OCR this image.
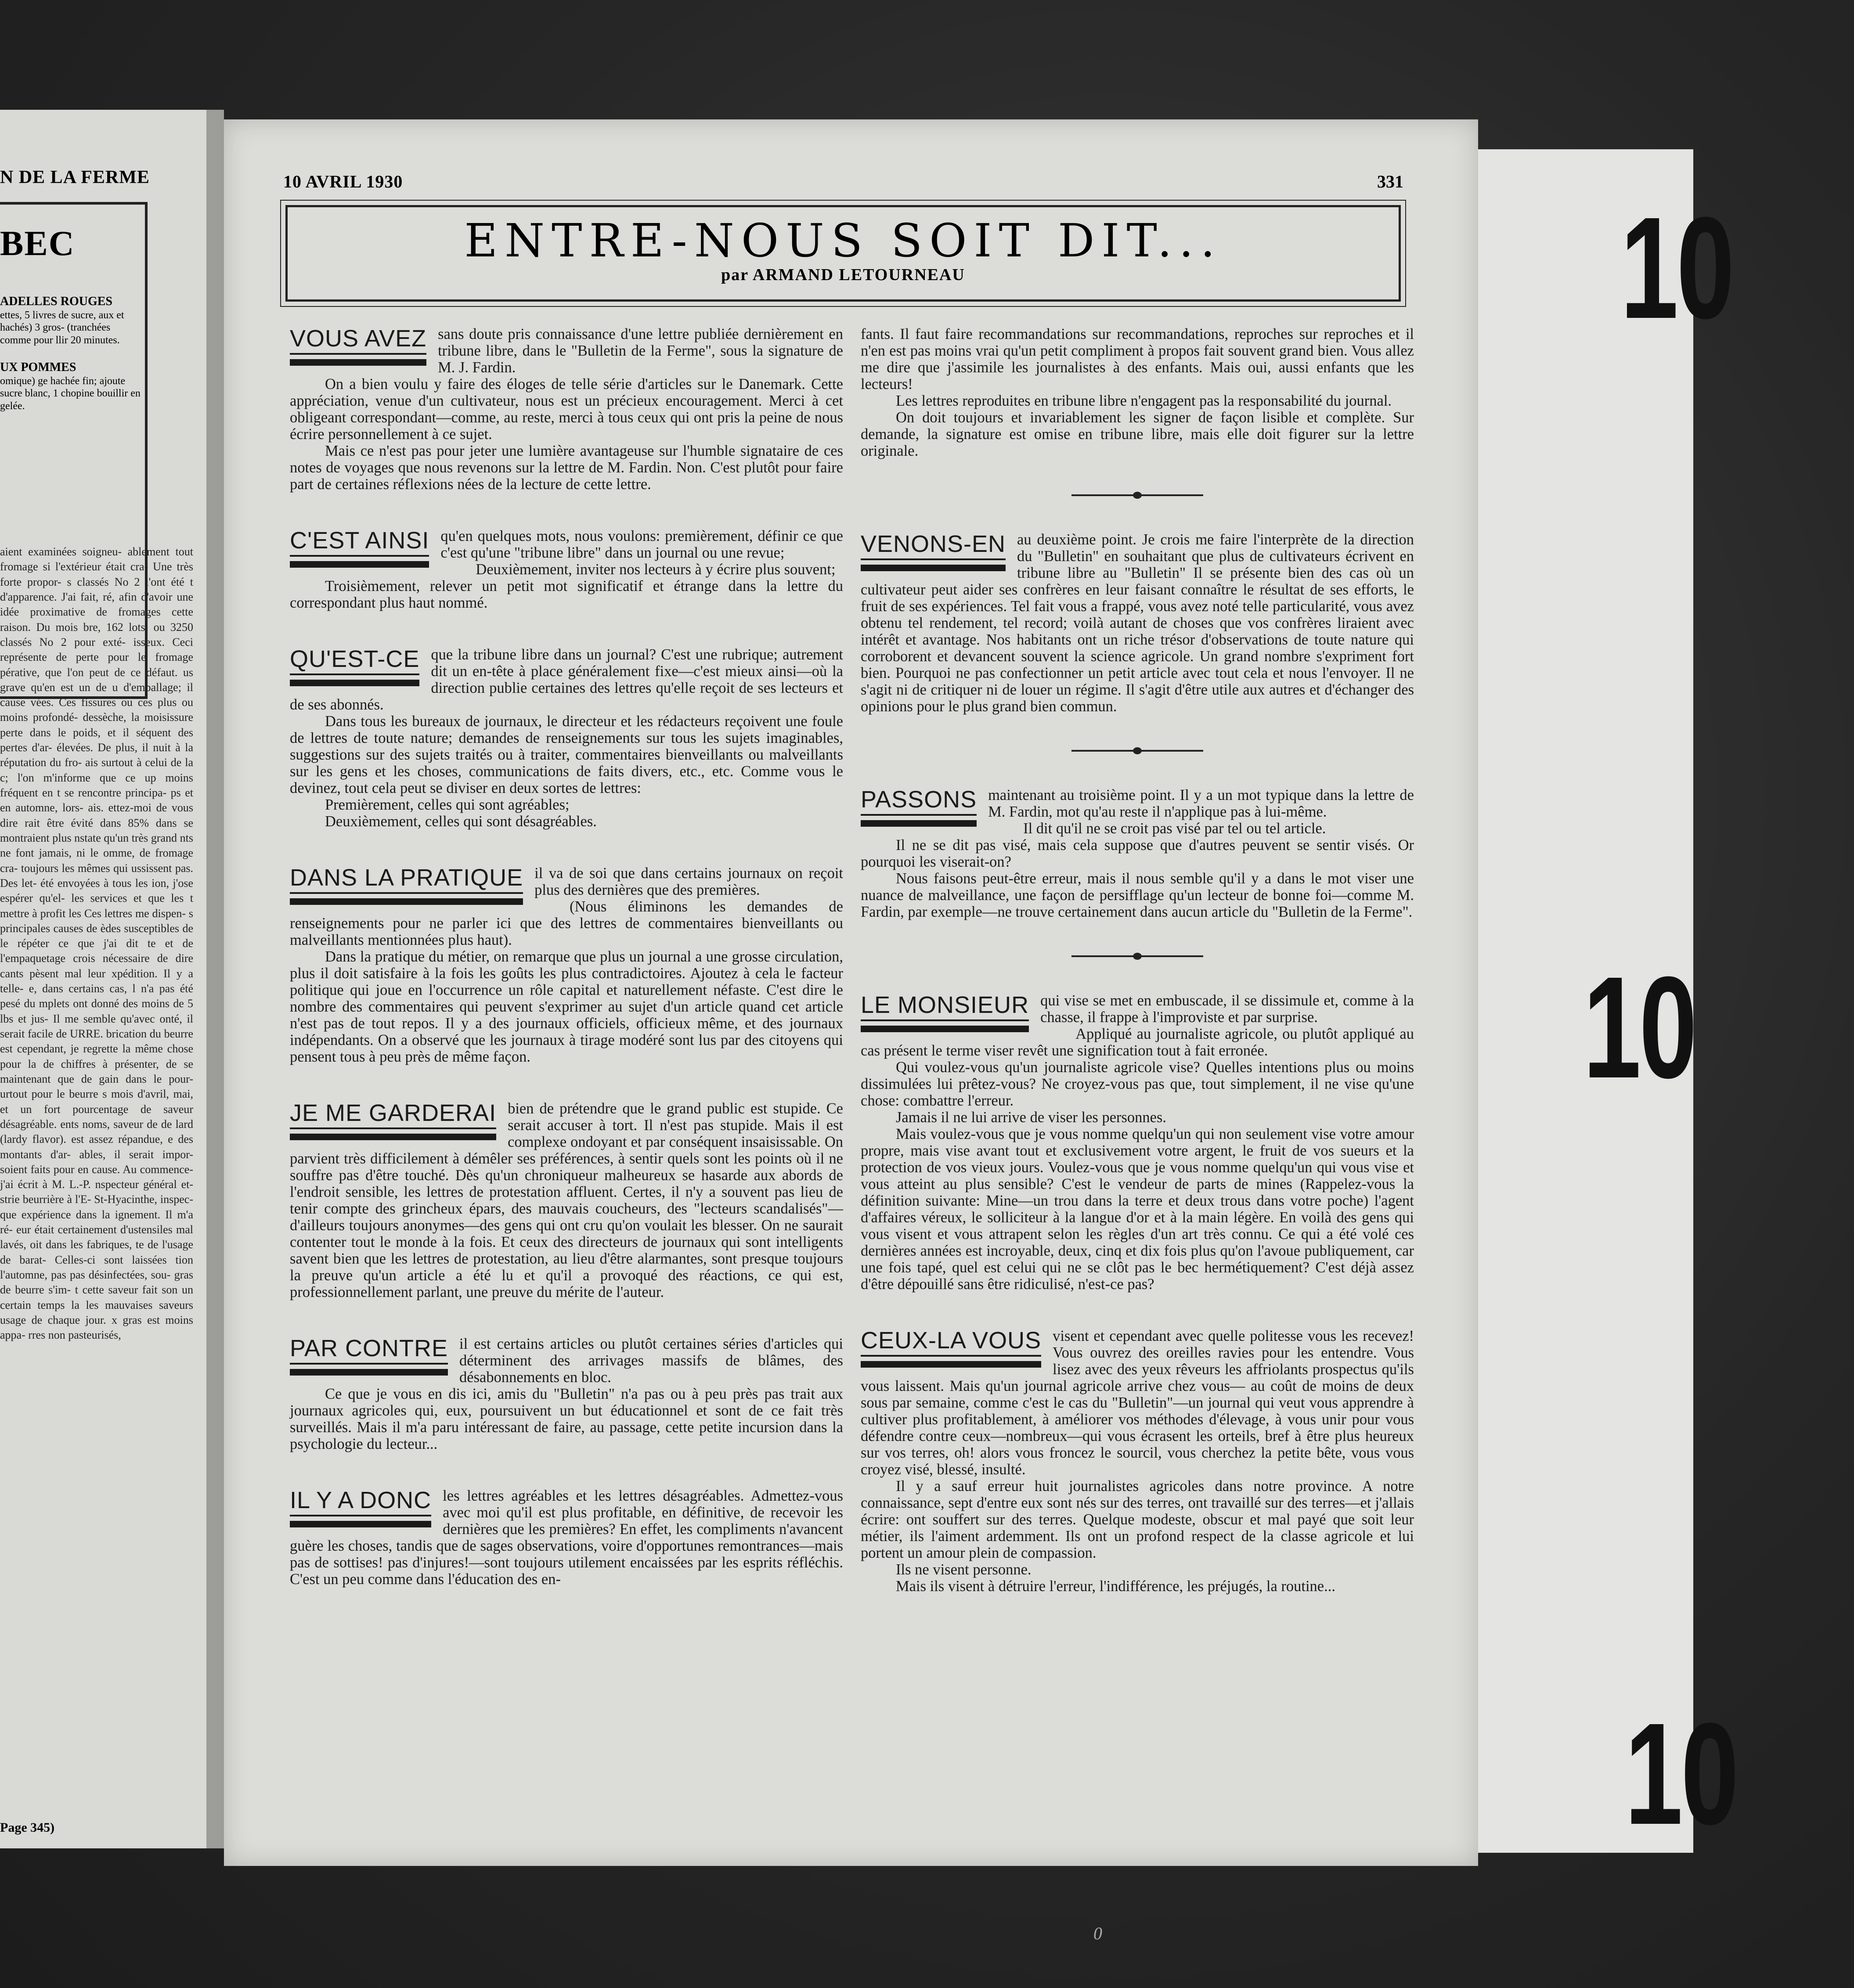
N DE LA FERME
BEC
ADELLES ROUGES
ettes, 5 livres de sucre, aux et hachés) 3 gros- (tranchées comme pour llir 20 minutes.
UX POMMES
omique) ge hachée fin; ajoute sucre blanc, 1 chopine bouillir en gelée.
aient examinées soigneu- ablement tout fromage si l'extérieur était cra- Une très forte propor- s classés No 2 l'ont été t d'apparence. J'ai fait, ré, afin d'avoir une idée proximative de fromages cette raison. Du mois bre, 162 lots, ou 3250 classés No 2 pour exté- isseux. Ceci représente de perte pour le fromage pérative, que l'on peut de ce défaut. us grave qu'en est un de u d'emballage; il cause vées. Ces fissures ou ces plus ou moins profondé- dessèche, la moisissure perte dans le poids, et il séquent des pertes d'ar- élevées. De plus, il nuit à la réputation du fro- ais surtout à celui de la c; l'on m'informe que ce up moins fréquent en t se rencontre principa- ps et en automne, lors- ais. ettez-moi de vous dire rait être évité dans 85% dans se montraient plus nstate qu'un très grand nts ne font jamais, ni le omme, de fromage cra- toujours les mêmes qui ussissent pas. Des let- été envoyées à tous les ion, j'ose espérer qu'el- les services et que les t mettre à profit les Ces lettres me dispen- s principales causes de èdes susceptibles de le répéter ce que j'ai dit te et de l'empaquetage crois nécessaire de dire cants pèsent mal leur xpédition. Il y a telle- e, dans certains cas, l n'a pas été pesé du mplets ont donné des moins de 5 lbs et jus- Il me semble qu'avec onté, il serait facile de URRE. brication du beurre est cependant, je regrette la même chose pour la de chiffres à présenter, de se maintenant que de gain dans le pour- urtout pour le beurre s mois d'avril, mai, et un fort pourcentage de saveur désagréable. ents noms, saveur de de lard (lardy flavor). est assez répandue, e des montants d'ar- ables, il serait impor- soient faits pour en cause. Au commence- j'ai écrit à M. L.-P. nspecteur général et- strie beurrière à l'E- St-Hyacinthe, inspec- que expérience dans la ignement. Il m'a ré- eur était certainement d'ustensiles mal lavés, oit dans les fabriques, te de l'usage de barat- Celles-ci sont laissées tion l'automne, pas pas désinfectées, sou- gras de beurre s'im- t cette saveur fait son un certain temps la les mauvaises saveurs usage de chaque jour. x gras est moins appa- rres non pasteurisés,
Page 345)
10 AVRIL 1930	331
ENTRE-NOUS SOIT DIT...
par ARMAND LETOURNEAU
VOUS AVEZ sans doute pris connaissance d'une lettre publiée dernièrement en tribune libre, dans le "Bulletin de la Ferme", sous la signature de M. J. Fardin.

On a bien voulu y faire des éloges de telle série d'articles sur le Danemark. Cette appréciation, venue d'un cultivateur, nous est un précieux encouragement. Merci à cet obligeant correspondant—comme, au reste, merci à tous ceux qui ont pris la peine de nous écrire personnellement à ce sujet.

Mais ce n'est pas pour jeter une lumière avantageuse sur l'humble signataire de ces notes de voyages que nous revenons sur la lettre de M. Fardin. Non. C'est plutôt pour faire part de certaines réflexions nées de la lecture de cette lettre.

C'EST AINSI qu'en quelques mots, nous voulons: premièrement, définir ce que c'est qu'une "tribune libre" dans un journal ou une revue;

Deuxièmement, inviter nos lecteurs à y écrire plus souvent;

Troisièmement, relever un petit mot significatif et étrange dans la lettre du correspondant plus haut nommé.

QU'EST-CE que la tribune libre dans un journal? C'est une rubrique; autrement dit un en-tête à place généralement fixe—c'est mieux ainsi—où la direction publie certaines des lettres qu'elle reçoit de ses lecteurs et de ses abonnés.

Dans tous les bureaux de journaux, le directeur et les rédacteurs reçoivent une foule de lettres de toute nature; demandes de renseignements sur tous les sujets imaginables, suggestions sur des sujets traités ou à traiter, commentaires bienveillants ou malveillants sur les gens et les choses, communications de faits divers, etc., etc. Comme vous le devinez, tout cela peut se diviser en deux sortes de lettres:

Premièrement, celles qui sont agréables;

Deuxièmement, celles qui sont désagréables.

DANS LA PRATIQUE il va de soi que dans certains journaux on reçoit plus des dernières que des premières.

(Nous éliminons les demandes de renseignements pour ne parler ici que des lettres de commentaires bienveillants ou malveillants mentionnées plus haut).

Dans la pratique du métier, on remarque que plus un journal a une grosse circulation, plus il doit satisfaire à la fois les goûts les plus contradictoires. Ajoutez à cela le facteur politique qui joue en l'occurrence un rôle capital et naturellement néfaste. C'est dire le nombre des commentaires qui peuvent s'exprimer au sujet d'un article quand cet article n'est pas de tout repos. Il y a des journaux officiels, officieux même, et des journaux indépendants. On a observé que les journaux à tirage modéré sont lus par des citoyens qui pensent tous à peu près de même façon.

JE ME GARDERAI bien de prétendre que le grand public est stupide. Ce serait accuser à tort. Il n'est pas stupide. Mais il est complexe ondoyant et par conséquent insaisissable. On parvient très difficilement à démêler ses préférences, à sentir quels sont les points où il ne souffre pas d'être touché. Dès qu'un chroniqueur malheureux se hasarde aux abords de l'endroit sensible, les lettres de protestation affluent. Certes, il n'y a souvent pas lieu de tenir compte des grincheux épars, des mauvais coucheurs, des "lecteurs scandalisés"—d'ailleurs toujours anonymes—des gens qui ont cru qu'on voulait les blesser. On ne saurait contenter tout le monde à la fois. Et ceux des directeurs de journaux qui sont intelligents savent bien que les lettres de protestation, au lieu d'être alarmantes, sont presque toujours la preuve qu'un article a été lu et qu'il a provoqué des réactions, ce qui est, professionnellement parlant, une preuve du mérite de l'auteur.

PAR CONTRE il est certains articles ou plutôt certaines séries d'articles qui déterminent des arrivages massifs de blâmes, des désabonnements en bloc.

Ce que je vous en dis ici, amis du "Bulletin" n'a pas ou à peu près pas trait aux journaux agricoles qui, eux, poursuivent un but éducationnel et sont de ce fait très surveillés. Mais il m'a paru intéressant de faire, au passage, cette petite incursion dans la psychologie du lecteur...

IL Y A DONC les lettres agréables et les lettres désagréables. Admettez-vous avec moi qu'il est plus profitable, en définitive, de recevoir les dernières que les premières? En effet, les compliments n'avancent guère les choses, tandis que de sages observations, voire d'opportunes remontrances—mais pas de sottises! pas d'injures!—sont toujours utilement encaissées par les esprits réfléchis. C'est un peu comme dans l'éducation des en-

fants. Il faut faire recommandations sur recommandations, reproches sur reproches et il n'en est pas moins vrai qu'un petit compliment à propos fait souvent grand bien. Vous allez me dire que j'assimile les journalistes à des enfants. Mais oui, aussi enfants que les lecteurs!

Les lettres reproduites en tribune libre n'engagent pas la responsabilité du journal.

On doit toujours et invariablement les signer de façon lisible et complète. Sur demande, la signature est omise en tribune libre, mais elle doit figurer sur la lettre originale.

VENONS-EN au deuxième point. Je crois me faire l'interprète de la direction du "Bulletin" en souhaitant que plus de cultivateurs écrivent en tribune libre au "Bulletin" Il se présente bien des cas où un cultivateur peut aider ses confrères en leur faisant connaître le résultat de ses efforts, le fruit de ses expériences. Tel fait vous a frappé, vous avez noté telle particularité, vous avez obtenu tel rendement, tel record; voilà autant de choses que vos confrères liraient avec intérêt et avantage. Nos habitants ont un riche trésor d'observations de toute nature qui corroborent et devancent souvent la science agricole. Un grand nombre s'expriment fort bien. Pourquoi ne pas confectionner un petit article avec tout cela et nous l'envoyer. Il ne s'agit ni de critiquer ni de louer un régime. Il s'agit d'être utile aux autres et d'échanger des opinions pour le plus grand bien commun.

PASSONS maintenant au troisième point. Il y a un mot typique dans la lettre de M. Fardin, mot qu'au reste il n'applique pas à lui-même.

Il dit qu'il ne se croit pas visé par tel ou tel article.

Il ne se dit pas visé, mais cela suppose que d'autres peuvent se sentir visés. Or pourquoi les viserait-on?

Nous faisons peut-être erreur, mais il nous semble qu'il y a dans le mot viser une nuance de malveillance, une façon de persifflage qu'un lecteur de bonne foi—comme M. Fardin, par exemple—ne trouve certainement dans aucun article du "Bulletin de la Ferme".

LE MONSIEUR qui vise se met en embuscade, il se dissimule et, comme à la chasse, il frappe à l'improviste et par surprise.

Appliqué au journaliste agricole, ou plutôt appliqué au cas présent le terme viser revêt une signification tout à fait erronée.

Qui voulez-vous qu'un journaliste agricole vise? Quelles intentions plus ou moins dissimulées lui prêtez-vous? Ne croyez-vous pas que, tout simplement, il ne vise qu'une chose: combattre l'erreur.

Jamais il ne lui arrive de viser les personnes.

Mais voulez-vous que je vous nomme quelqu'un qui non seulement vise votre amour propre, mais vise avant tout et exclusivement votre argent, le fruit de vos sueurs et la protection de vos vieux jours. Voulez-vous que je vous nomme quelqu'un qui vous vise et vous atteint au plus sensible? C'est le vendeur de parts de mines (Rappelez-vous la définition suivante: Mine—un trou dans la terre et deux trous dans votre poche) l'agent d'affaires véreux, le solliciteur à la langue d'or et à la main légère. En voilà des gens qui vous visent et vous attrapent selon les règles d'un art très connu. Ce qui a été volé ces dernières années est incroyable, deux, cinq et dix fois plus qu'on l'avoue publiquement, car une fois tapé, quel est celui qui ne se clôt pas le bec hermétiquement? C'est déjà assez d'être dépouillé sans être ridiculisé, n'est-ce pas?

CEUX-LA VOUS visent et cependant avec quelle politesse vous les recevez! Vous ouvrez des oreilles ravies pour les entendre. Vous lisez avec des yeux rêveurs les affriolants prospectus qu'ils vous laissent. Mais qu'un journal agricole arrive chez vous— au coût de moins de deux sous par semaine, comme c'est le cas du "Bulletin"—un journal qui veut vous apprendre à cultiver plus profitablement, à améliorer vos méthodes d'élevage, à vous unir pour vous défendre contre ceux—nombreux—qui vous écrasent les orteils, bref à être plus heureux sur vos terres, oh! alors vous froncez le sourcil, vous cherchez la petite bête, vous vous croyez visé, blessé, insulté.

Il y a sauf erreur huit journalistes agricoles dans notre province. A notre connaissance, sept d'entre eux sont nés sur des terres, ont travaillé sur des terres—et j'allais écrire: ont souffert sur des terres. Quelque modeste, obscur et mal payé que soit leur métier, ils l'aiment ardemment. Ils ont un profond respect de la classe agricole et lui portent un amour plein de compassion.

Ils ne visent personne.

Mais ils visent à détruire l'erreur, l'indifférence, les préjugés, la routine...

10
10
10
0
